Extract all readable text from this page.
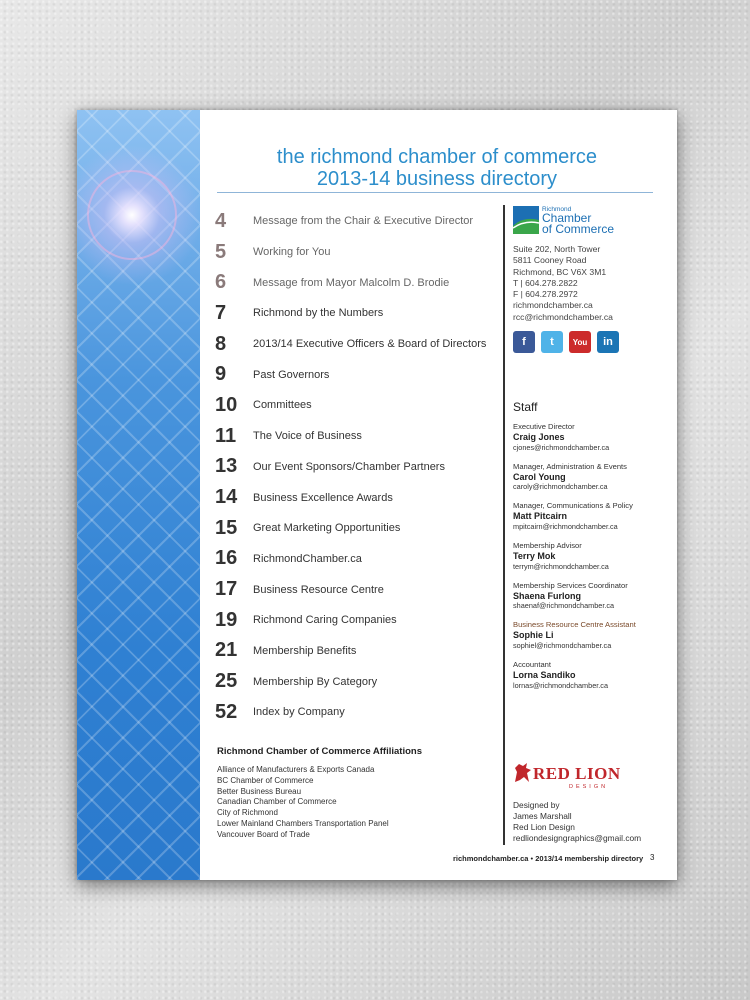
the richmond chamber of commerce
2013-14 business directory
4	Message from the Chair & Executive Director
5	Working for You
6	Message from Mayor Malcolm D. Brodie
7	Richmond by the Numbers
8	2013/14 Executive Officers & Board of Directors
9	Past Governors
10	Committees
11	The Voice of Business
13	Our Event Sponsors/Chamber Partners
14	Business Excellence Awards
15	Great Marketing Opportunities
16	RichmondChamber.ca
17	Business Resource Centre
19	Richmond Caring Companies
21	Membership Benefits
25	Membership By Category
52	Index by Company
Richmond Chamber of Commerce Affiliations
Alliance of Manufacturers & Exports Canada
BC Chamber of Commerce
Better Business Bureau
Canadian Chamber of Commerce
City of Richmond
Lower Mainland Chambers Transportation Panel
Vancouver Board of Trade
Richmond
Chamber
of Commerce
Suite 202, North Tower
5811 Cooney Road
Richmond, BC V6X 3M1
T | 604.278.2822
F | 604.278.2972
richmondchamber.ca
rcc@richmondchamber.ca
f	t	You	in
Staff
Executive Director
Craig Jones
cjones@richmondchamber.ca
Manager, Administration & Events
Carol Young
caroly@richmondchamber.ca
Manager, Communications & Policy
Matt Pitcairn
mpitcairn@richmondchamber.ca
Membership Advisor
Terry Mok
terrym@richmondchamber.ca
Membership Services Coordinator
Shaena Furlong
shaenaf@richmondchamber.ca
Business Resource Centre Assistant
Sophie Li
sophiel@richmondchamber.ca
Accountant
Lorna Sandiko
lornas@richmondchamber.ca
RED LION
DESIGN
Designed by
James Marshall
Red Lion Design
redliondesigngraphics@gmail.com
richmondchamber.ca • 2013/14 membership directory 3
